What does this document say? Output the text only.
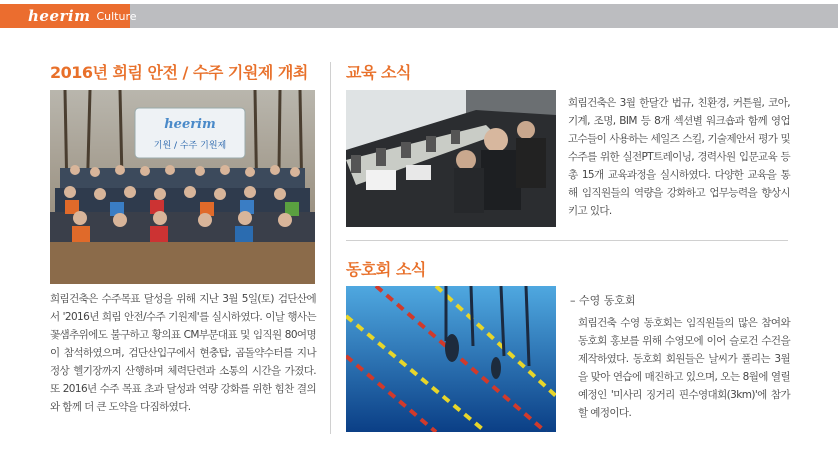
heerim Culture
2016년 희림 안전 / 수주 기원제 개최
heerim
기원 / 수주 기원제

희림건축은 수주목표 달성을 위해 지난 3월 5일(토) 검단산에서 '2016년 희림 안전/수주 기원제'를 실시하였다. 이날 행사는 꽃샘추위에도 불구하고 황의표 CM부문대표 및 임직원 80여명이 참석하였으며, 검단산입구에서 현충탑, 곱돌약수터를 지나 정상 헬기장까지 산행하며 체력단련과 소통의 시간을 가졌다. 또 2016년 수주 목표 초과 달성과 역량 강화를 위한 힘찬 결의와 함께 더 큰 도약을 다짐하였다.

교육 소식

희림건축은 3월 한달간 법규, 친환경, 커튼월, 코아, 기계, 조명, BIM 등 8개 섹션별 워크숍과 함께 영업고수들이 사용하는 세일즈 스킬, 기술제안서 평가 및 수주를 위한 실전PT트레이닝, 경력사원 입문교육 등 총 15개 교육과정을 실시하였다. 다양한 교육을 통해 임직원들의 역량을 강화하고 업무능력을 향상시키고 있다.

동호회 소식
– 수영 동호회

희림건축 수영 동호회는 임직원들의 많은 참여와 동호회 홍보를 위해 수영모에 이어 슬로건 수건을 제작하였다. 동호회 회원들은 날씨가 풀리는 3월을 맞아 연습에 매진하고 있으며, 오는 8월에 열릴 예정인 '미사리 징거리 핀수영대회(3km)'에 참가할 예정이다.
